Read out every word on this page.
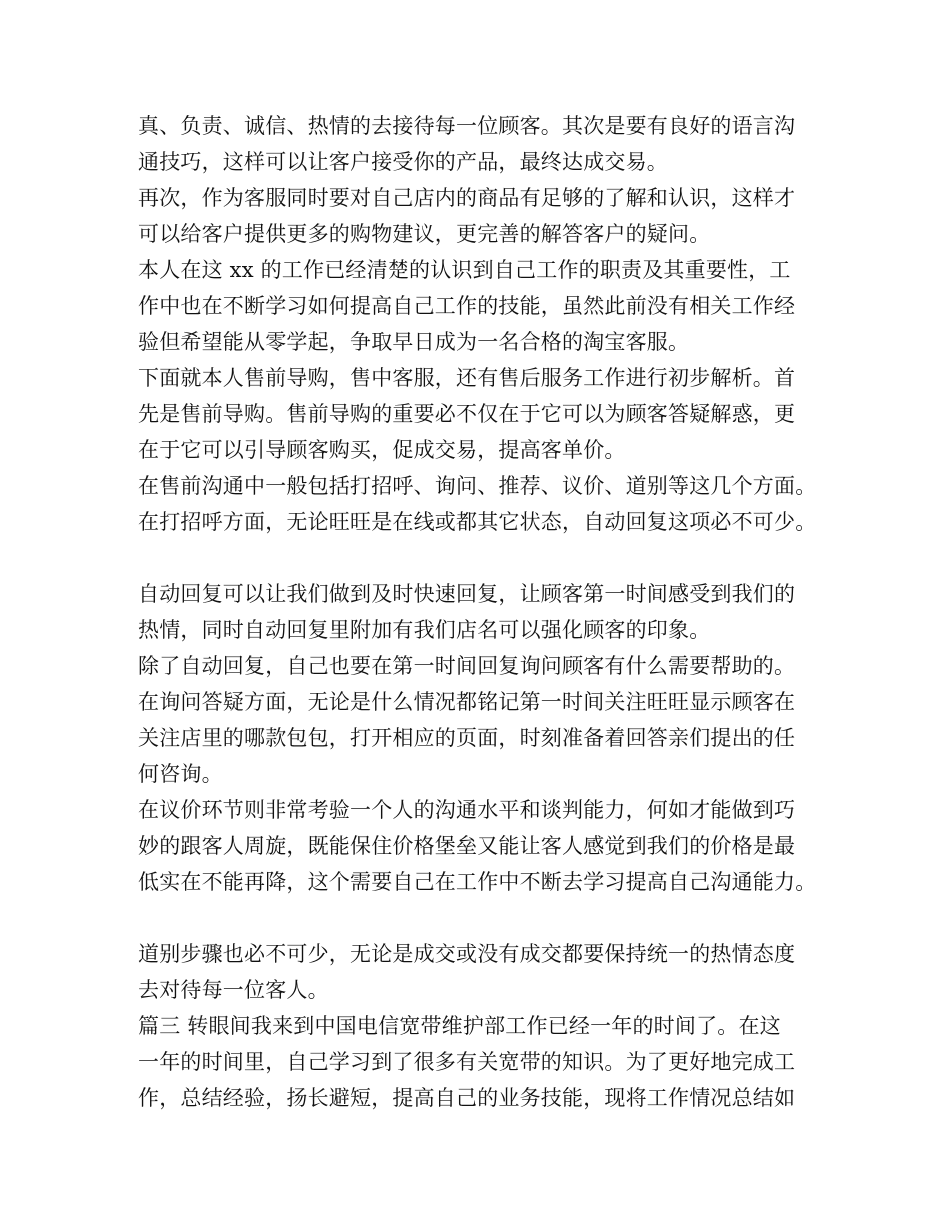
真、负责、诚信、热情的去接待每一位顾客。其次是要有良好的语言沟
通技巧，这样可以让客户接受你的产品，最终达成交易。
再次，作为客服同时要对自己店内的商品有足够的了解和认识，这样才
可以给客户提供更多的购物建议，更完善的解答客户的疑问。
本人在这 xx 的工作已经清楚的认识到自己工作的职责及其重要性，工
作中也在不断学习如何提高自己工作的技能，虽然此前没有相关工作经
验但希望能从零学起，争取早日成为一名合格的淘宝客服。
下面就本人售前导购，售中客服，还有售后服务工作进行初步解析。首
先是售前导购。售前导购的重要必不仅在于它可以为顾客答疑解惑，更
在于它可以引导顾客购买，促成交易，提高客单价。
在售前沟通中一般包括打招呼、询问、推荐、议价、道别等这几个方面。
在打招呼方面，无论旺旺是在线或都其它状态，自动回复这项必不可少。
自动回复可以让我们做到及时快速回复，让顾客第一时间感受到我们的
热情，同时自动回复里附加有我们店名可以强化顾客的印象。
除了自动回复，自己也要在第一时间回复询问顾客有什么需要帮助的。
在询问答疑方面，无论是什么情况都铭记第一时间关注旺旺显示顾客在
关注店里的哪款包包，打开相应的页面，时刻准备着回答亲们提出的任
何咨询。
在议价环节则非常考验一个人的沟通水平和谈判能力，何如才能做到巧
妙的跟客人周旋，既能保住价格堡垒又能让客人感觉到我们的价格是最
低实在不能再降，这个需要自己在工作中不断去学习提高自己沟通能力。
道别步骤也必不可少，无论是成交或没有成交都要保持统一的热情态度
去对待每一位客人。
篇三 转眼间我来到中国电信宽带维护部工作已经一年的时间了。在这
一年的时间里，自己学习到了很多有关宽带的知识。为了更好地完成工
作，总结经验，扬长避短，提高自己的业务技能，现将工作情况总结如
